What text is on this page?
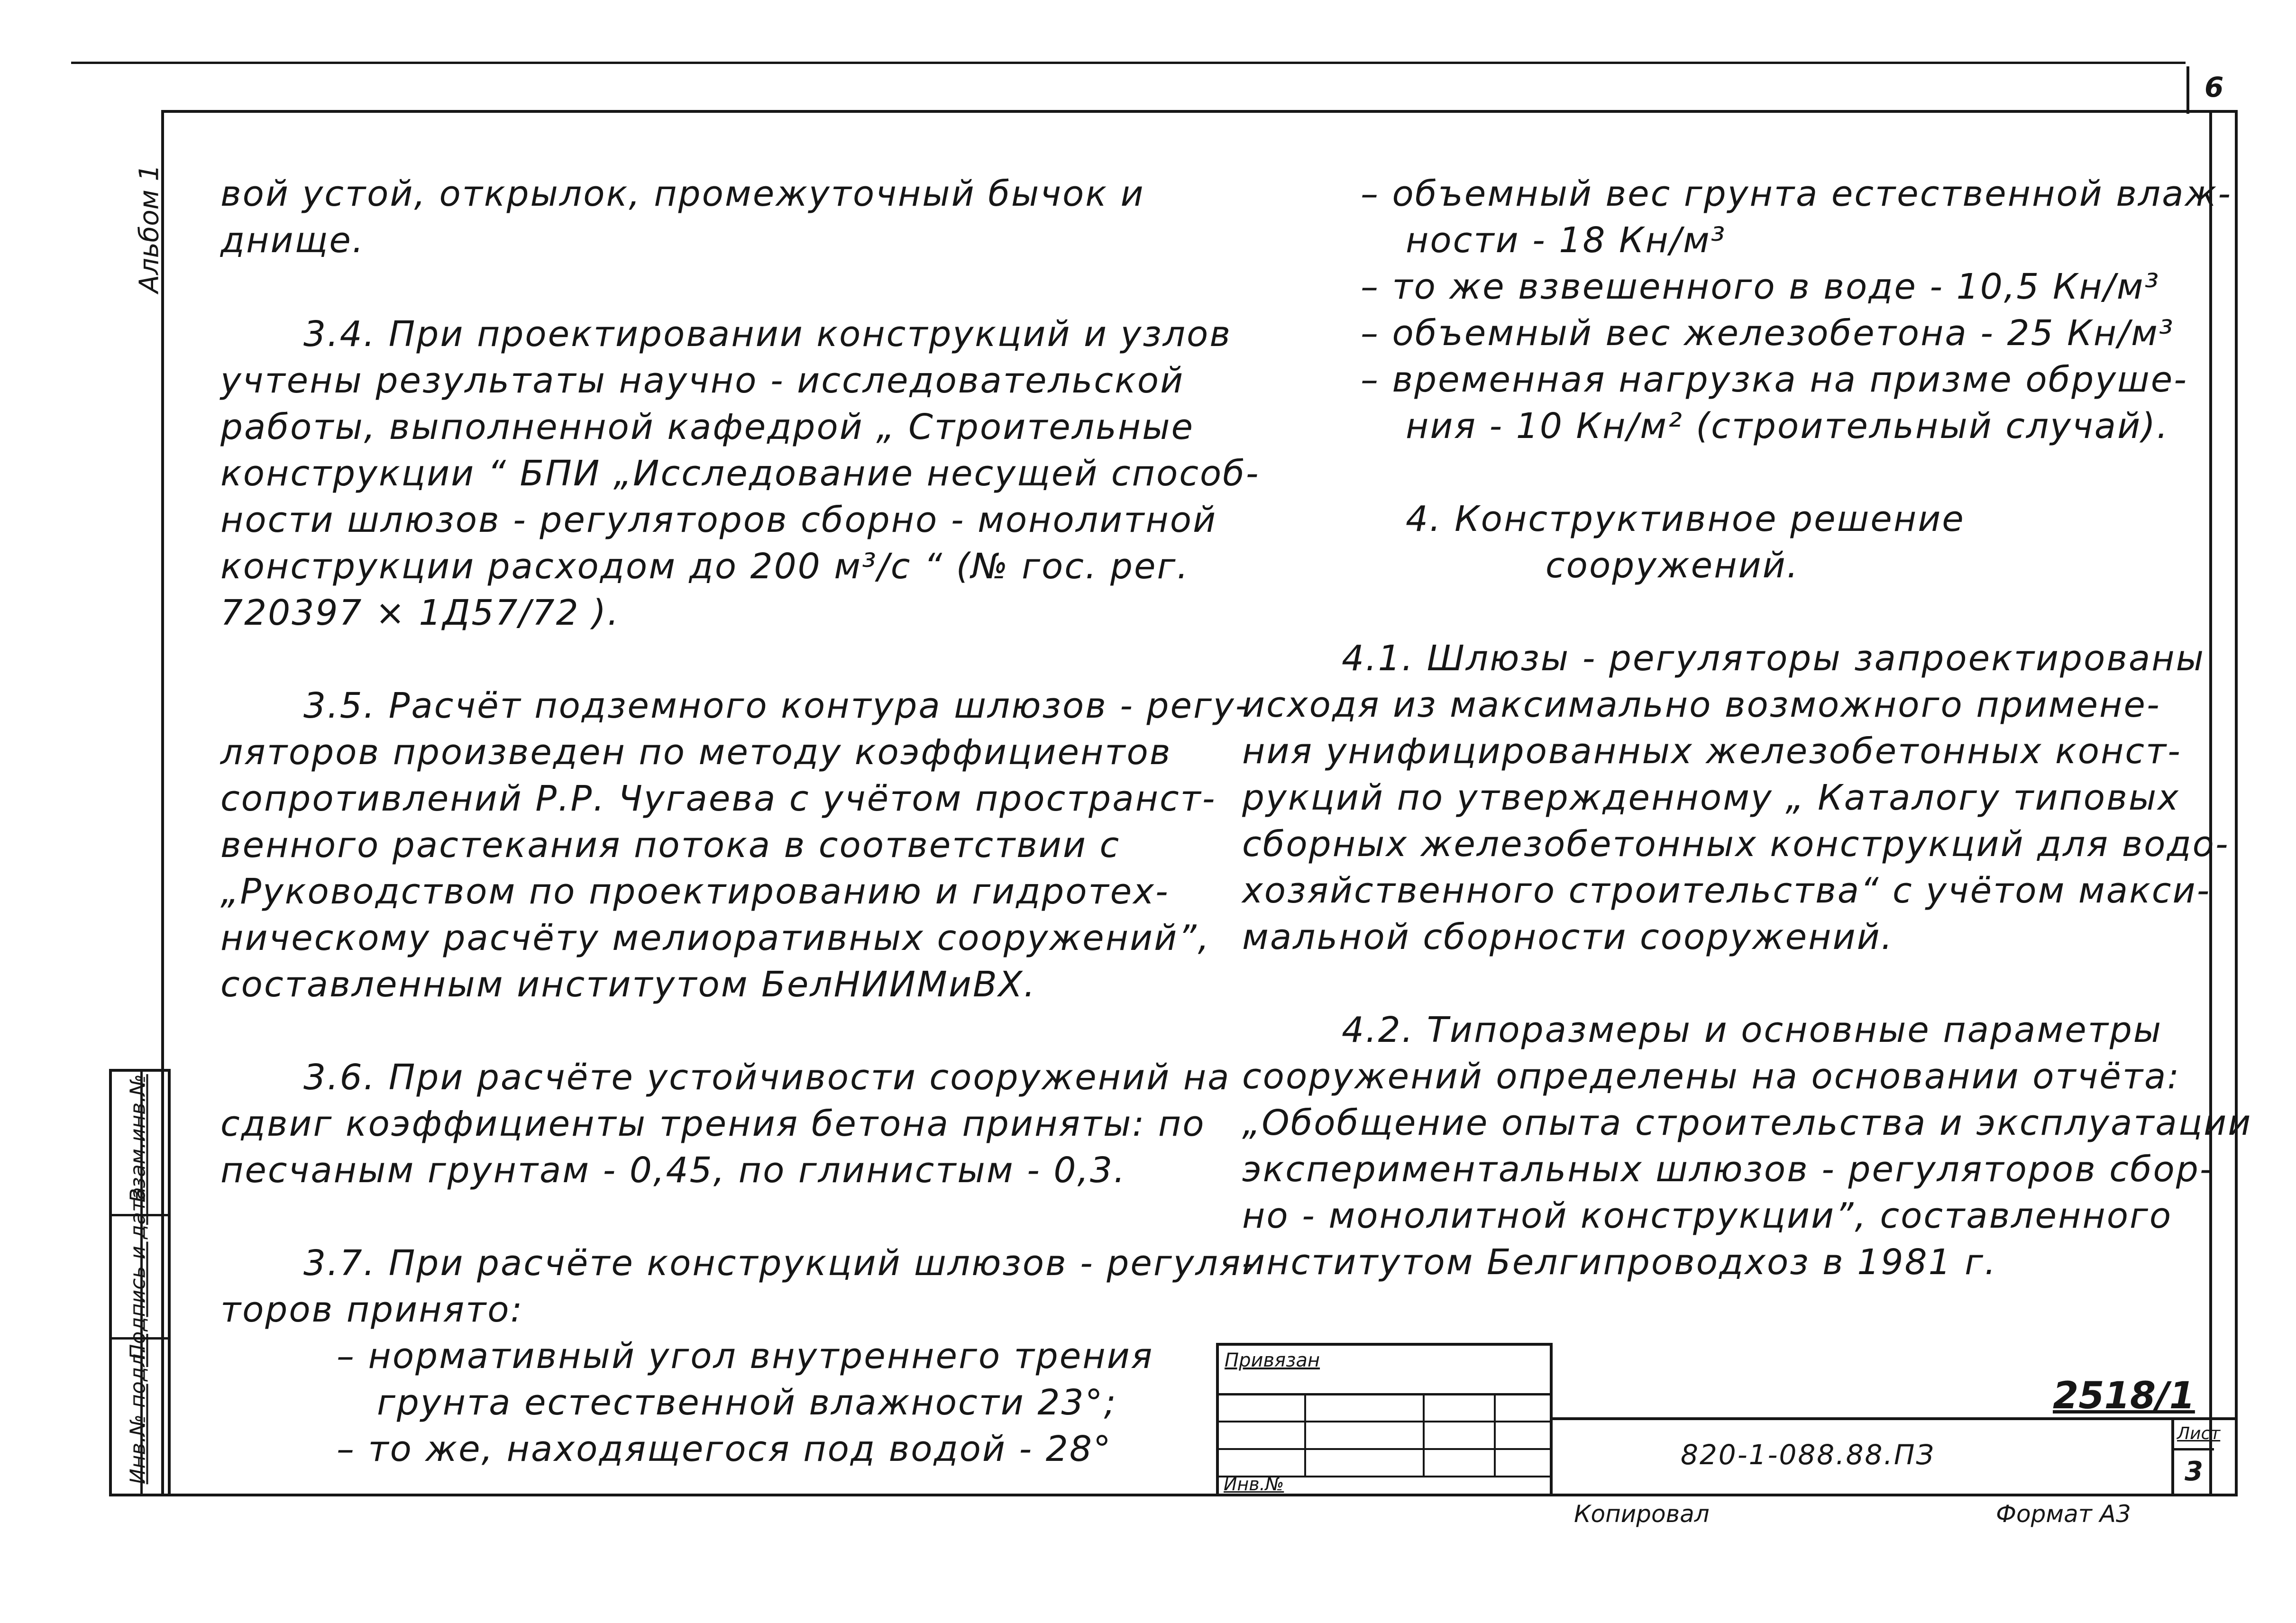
6
Альбом 1
Инв.№ подл.
Подпись и дата
Взам.инв.№
вой устой, открылок, промежуточный бычок и
днище.
3.4. При проектировании конструкций и узлов
учтены результаты научно - исследовательской
работы, выполненной кафедрой „ Строительные
конструкции “ БПИ „Исследование несущей способ-
ности шлюзов - регуляторов сборно - монолитной
конструкции расходом до 200 м³/с “ (№ гос. рег.
720397 × 1Д57/72 ).
3.5. Расчёт подземного контура шлюзов - регу-
ляторов произведен по методу коэффициентов
сопротивлений Р.Р. Чугаева с учётом пространст-
венного растекания потока в соответствии с
„Руководством по проектированию и гидротех-
ническому расчёту мелиоративных сооружений”,
составленным институтом БелНИИМиВХ.
3.6. При расчёте устойчивости сооружений на
сдвиг коэффициенты трения бетона приняты: по
песчаным грунтам - 0,45, по глинистым - 0,3.
3.7. При расчёте конструкций шлюзов - регуля-
торов принято:
– нормативный угол внутреннего трения
грунта естественной влажности 23°;
– то же, находящегося под водой - 28°
– объемный вес грунта естественной влаж-
ности - 18 Кн/м³
– то же взвешенного в воде - 10,5 Кн/м³
– объемный вес железобетона - 25 Кн/м³
– временная нагрузка на призме обруше-
ния - 10 Кн/м² (строительный случай).
4. Конструктивное решение
сооружений.
4.1. Шлюзы - регуляторы запроектированы
исходя из максимально возможного примене-
ния унифицированных железобетонных конст-
рукций по утвержденному „ Каталогу типовых
сборных железобетонных конструкций для водо-
хозяйственного строительства“ с учётом макси-
мальной сборности сооружений.
4.2. Типоразмеры и основные параметры
сооружений определены на основании отчёта:
„Обобщение опыта строительства и эксплуатации
экспериментальных шлюзов - регуляторов сбор-
но - монолитной конструкции”, составленного
институтом Белгипроводхоз в 1981 г.
Привязан
Инв.№
2518/1
820-1-088.88.ПЗ
Лист
3
Копировал	Формат А3
